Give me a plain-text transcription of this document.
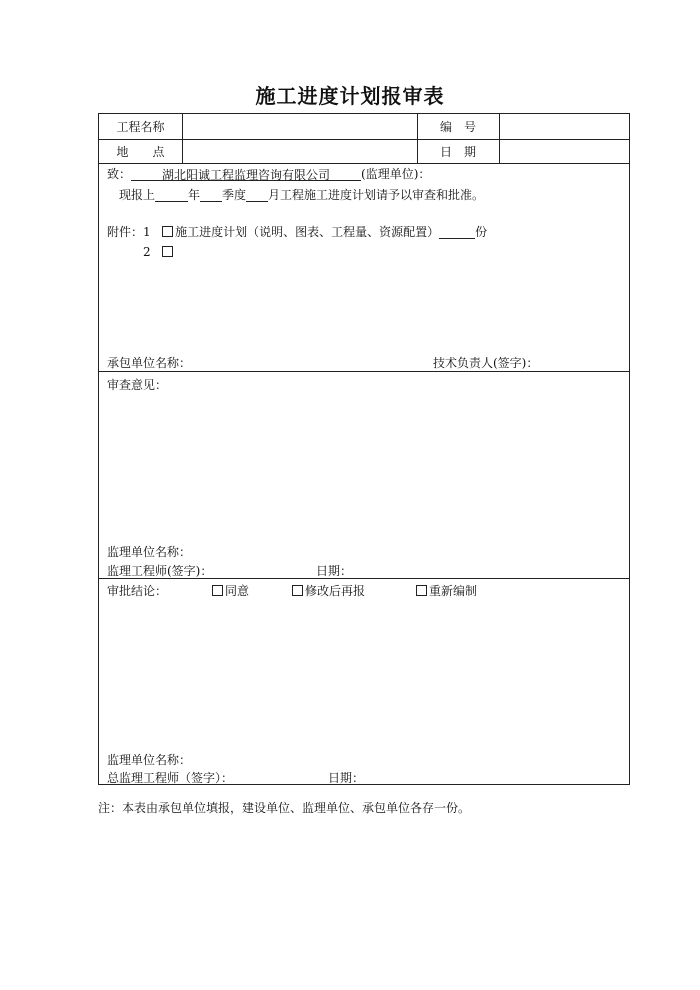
施工进度计划报审表
工程名称	编　号
地　　点	日　期
致：	湖北阳诚工程监理咨询有限公司	(监理单位)：
现报上	年 季度 月工程施工进度计划请予以审查和批准。
附件：1 施工进度计划（说明、图表、工程量、资源配置）	份
2
承包单位名称：	技术负责人(签字)：
审查意见：
监理单位名称：
监理工程师(签字)：	日期：
审批结论：	同意	修改后再报	重新编制
监理单位名称：
总监理工程师（签字）：	日期：
注：本表由承包单位填报，建设单位、监理单位、承包单位各存一份。
